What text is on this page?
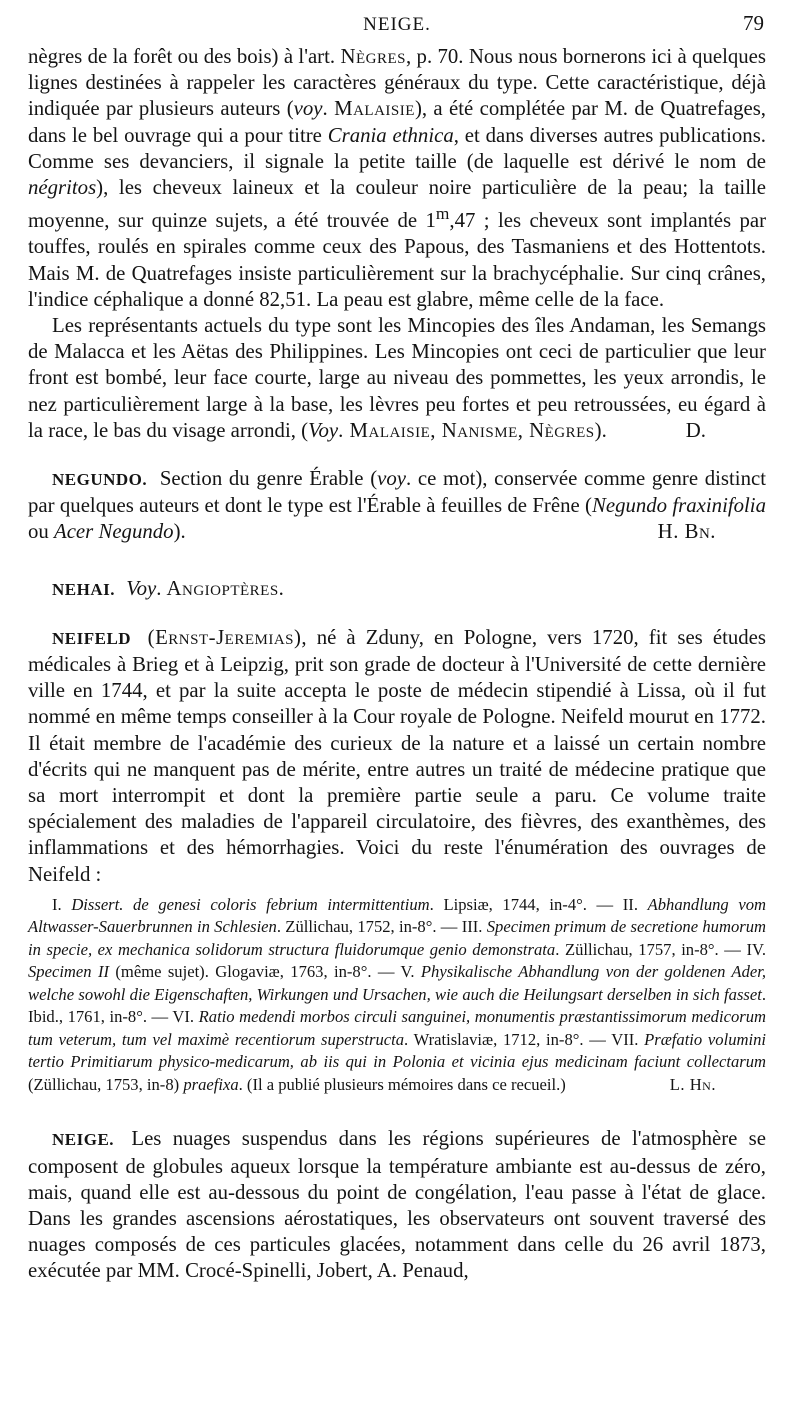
NEIGE.	79

nègres de la forêt ou des bois) à l'art. Nègres, p. 70. Nous nous bornerons ici à quelques lignes destinées à rappeler les caractères généraux du type. Cette caractéristique, déjà indiquée par plusieurs auteurs (voy. Malaisie), a été complétée par M. de Quatrefages, dans le bel ouvrage qui a pour titre Crania ethnica, et dans diverses autres publications. Comme ses devanciers, il signale la petite taille (de laquelle est dérivé le nom de négritos), les cheveux laineux et la couleur noire particulière de la peau; la taille moyenne, sur quinze sujets, a été trouvée de 1$^m$,47 ; les cheveux sont implantés par touffes, roulés en spirales comme ceux des Papous, des Tasmaniens et des Hottentots. Mais M. de Quatrefages insiste particulièrement sur la brachycéphalie. Sur cinq crânes, l'indice céphalique a donné 82,51. La peau est glabre, même celle de la face.

Les représentants actuels du type sont les Mincopies des îles Andaman, les Semangs de Malacca et les Aëtas des Philippines. Les Mincopies ont ceci de particulier que leur front est bombé, leur face courte, large au niveau des pommettes, les yeux arrondis, le nez particulièrement large à la base, les lèvres peu fortes et peu retroussées, eu égard à la race, le bas du visage arrondi, (Voy. Malaisie, Nanisme, Nègres).	D.

NEGUNDO. Section du genre Érable (voy. ce mot), conservée comme genre distinct par quelques auteurs et dont le type est l'Érable à feuilles de Frêne (Negundo fraxinifolia ou Acer Negundo).	H. Bn.

NEHAI. Voy. Angioptères.

NEIFELD (Ernst-Jeremias), né à Zduny, en Pologne, vers 1720, fit ses études médicales à Brieg et à Leipzig, prit son grade de docteur à l'Université de cette dernière ville en 1744, et par la suite accepta le poste de médecin stipendié à Lissa, où il fut nommé en même temps conseiller à la Cour royale de Pologne. Neifeld mourut en 1772. Il était membre de l'académie des curieux de la nature et a laissé un certain nombre d'écrits qui ne manquent pas de mérite, entre autres un traité de médecine pratique que sa mort interrompit et dont la première partie seule a paru. Ce volume traite spécialement des maladies de l'appareil circulatoire, des fièvres, des exanthèmes, des inflammations et des hémorrhagies. Voici du reste l'énumération des ouvrages de Neifeld :

I. Dissert. de genesi coloris febrium intermittentium. Lipsiæ, 1744, in-4°. — II. Abhandlung vom Altwasser-Sauerbrunnen in Schlesien. Züllichau, 1752, in-8°. — III. Specimen primum de secretione humorum in specie, ex mechanica solidorum structura fluidorumque genio demonstrata. Züllichau, 1757, in-8°. — IV. Specimen II (même sujet). Glogaviæ, 1763, in-8°. — V. Physikalische Abhandlung von der goldenen Ader, welche sowohl die Eigenschaften, Wirkungen und Ursachen, wie auch die Heilungsart derselben in sich fasset. Ibid., 1761, in-8°. — VI. Ratio medendi morbos circuli sanguinei, monumentis præstantissimorum medicorum tum veterum, tum vel maximè recentiorum superstructa. Wratislaviæ, 1712, in-8°. — VII. Præfatio volumini tertio Primitiarum physico-medicarum, ab iis qui in Polonia et vicinia ejus medicinam faciunt collectarum (Züllichau, 1753, in-8) praefixa. (Il a publié plusieurs mémoires dans ce recueil.)	L. Hn.

NEIGE. Les nuages suspendus dans les régions supérieures de l'atmosphère se composent de globules aqueux lorsque la température ambiante est au-dessus de zéro, mais, quand elle est au-dessous du point de congélation, l'eau passe à l'état de glace. Dans les grandes ascensions aérostatiques, les observateurs ont souvent traversé des nuages composés de ces particules glacées, notamment dans celle du 26 avril 1873, exécutée par MM. Crocé-Spinelli, Jobert, A. Penaud,
